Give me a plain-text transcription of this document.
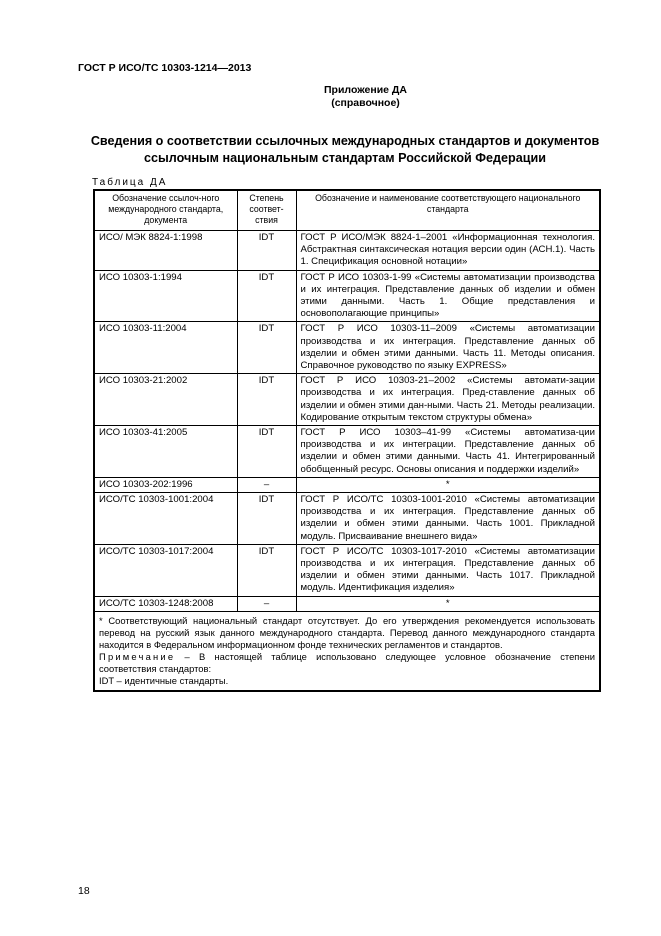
ГОСТ Р ИСО/ТС 10303-1214—2013
Приложение ДА
(справочное)
Сведения о соответствии ссылочных международных стандартов и документов ссылочным национальным стандартам Российской Федерации
Таблица ДА
Обозначение ссылоч-ного международного стандарта, документа	Степень соответ-ствия	Обозначение и наименование соответствующего национального стандарта
ИСО/ МЭК 8824-1:1998	IDT	ГОСТ Р ИСО/МЭК 8824-1–2001 «Информационная технология. Абстрактная синтаксическая нотация версии один (АСН.1). Часть 1. Спецификация основной нотации»
ИСО 10303-1:1994	IDT	ГОСТ Р ИСО 10303-1-99 «Системы автоматизации производства и их интеграция. Представление данных об изделии и обмен этими данными. Часть 1. Общие представления и основополагающие принципы»
ИСО 10303-11:2004	IDT	ГОСТ Р ИСО 10303-11–2009 «Системы автоматизации производства и их интеграция. Представление данных об изделии и обмен этими данными. Часть 11. Методы описания. Справочное руководство по языку EXPRESS»
ИСО 10303-21:2002	IDT	ГОСТ Р ИСО 10303-21–2002 «Системы автомати-зации производства и их интеграция. Пред-ставление данных об изделии и обмен этими дан-ными. Часть 21. Методы реализации. Кодирование открытым текстом структуры обмена»
ИСО 10303-41:2005	IDT	ГОСТ Р ИСО 10303–41-99 «Системы автоматиза-ции производства и их интеграции. Представление данных об изделии и обмен этими данными. Часть 41. Интегрированный обобщенный ресурс. Основы описания и поддержки изделий»
ИСО 10303-202:1996	–	*
ИСО/ТС 10303-1001:2004	IDT	ГОСТ Р ИСО/ТС 10303-1001-2010 «Системы автоматизации производства и их интеграция. Представление данных об изделии и обмен этими данными. Часть 1001. Прикладной модуль. Присваивание внешнего вида»
ИСО/ТС 10303-1017:2004	IDT	ГОСТ Р ИСО/ТС 10303-1017-2010 «Системы автоматизации производства и их интеграция. Представление данных об изделии и обмен этими данными. Часть 1017. Прикладной модуль. Идентификация изделия»
ИСО/ТС 10303-1248:2008	–	*

* Соответствующий национальный стандарт отсутствует. До его утверждения рекомендуется использовать перевод на русский язык данного международного стандарта. Перевод данного международного стандарта находится в Федеральном информационном фонде технических регламентов и стандартов.
Примечание – В настоящей таблице использовано следующее условное обозначение степени соответствия стандартов:
IDT – идентичные стандарты.		
18
